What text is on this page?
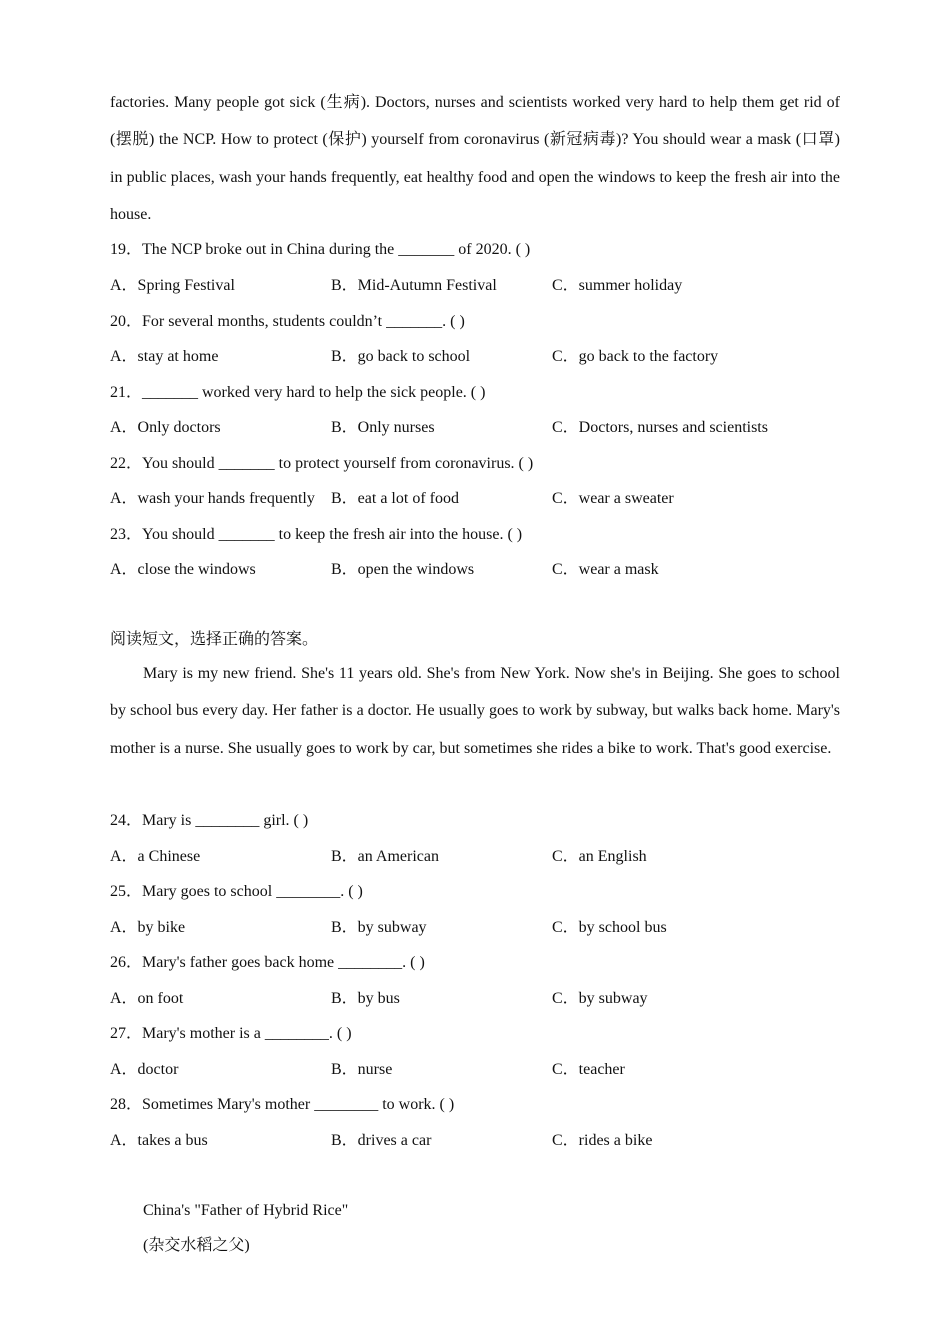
factories. Many people got sick (生病). Doctors, nurses and scientists worked very hard to help them get rid of (摆脱) the NCP. How to protect (保护) yourself from coronavirus (新冠病毒)? You should wear a mask (口罩) in public places, wash your hands frequently, eat healthy food and open the windows to keep the fresh air into the house.
19．The NCP broke out in China during the _______ of 2020. ( )
A．Spring Festival	B．Mid-Autumn Festival	C．summer holiday
20．For several months, students couldn’t _______. ( )
A．stay at home	B．go back to school	C．go back to the factory
21．_______ worked very hard to help the sick people. ( )
A．Only doctors	B．Only nurses	C．Doctors, nurses and scientists
22．You should _______ to protect yourself from coronavirus. ( )
A．wash your hands frequently B．eat a lot of food	C．wear a sweater
23．You should _______ to keep the fresh air into the house. ( )
A．close the windows	B．open the windows	C．wear a mask
阅读短文，选择正确的答案。
Mary is my new friend. She's 11 years old. She's from New York. Now she's in Beijing. She goes to school by school bus every day. Her father is a doctor. He usually goes to work by subway, but walks back home. Mary's mother is a nurse. She usually goes to work by car, but sometimes she rides a bike to work. That's good exercise.
24．Mary is ________ girl. ( )
A．a Chinese	B．an American	C．an English
25．Mary goes to school ________. ( )
A．by bike	B．by subway	C．by school bus
26．Mary's father goes back home ________. ( )
A．on foot	B．by bus	C．by subway
27．Mary's mother is a ________. ( )
A．doctor	B．nurse	C．teacher
28．Sometimes Mary's mother ________ to work. ( )
A．takes a bus	B．drives a car	C．rides a bike
China's "Father of Hybrid Rice"
(杂交水稻之父)
